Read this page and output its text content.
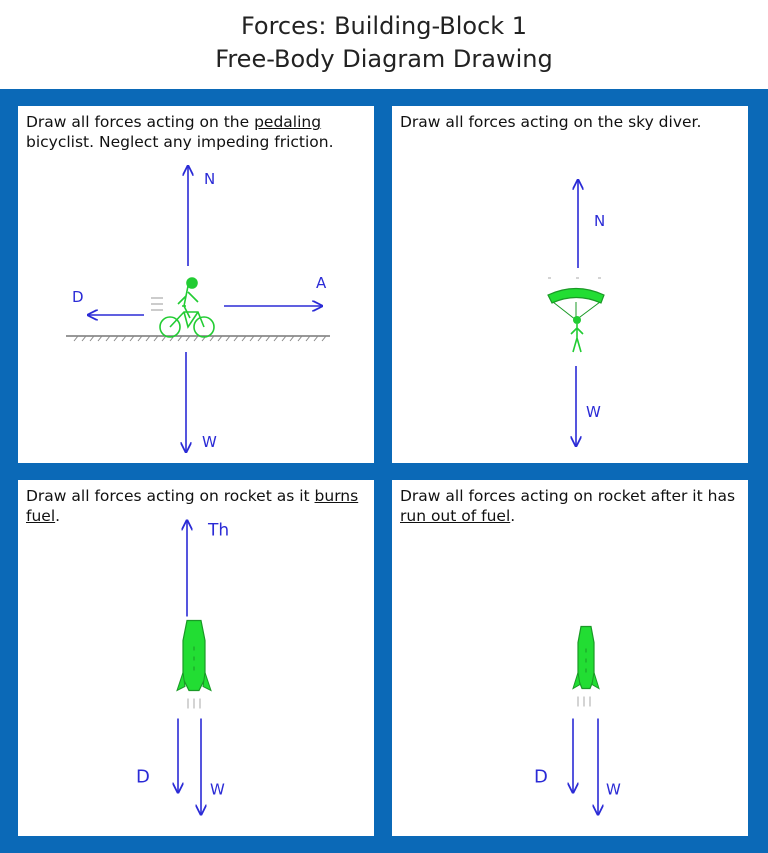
Forces: Building-Block 1
Free-Body Diagram Drawing

Draw all forces acting on the pedaling bicyclist. Neglect any impeding friction.

N
W
D
A

Draw all forces acting on the sky diver.

N
W

Draw all forces acting on rocket as it burns fuel.

Th
D
W

Draw all forces acting on rocket after it has run out of fuel.

D
W
